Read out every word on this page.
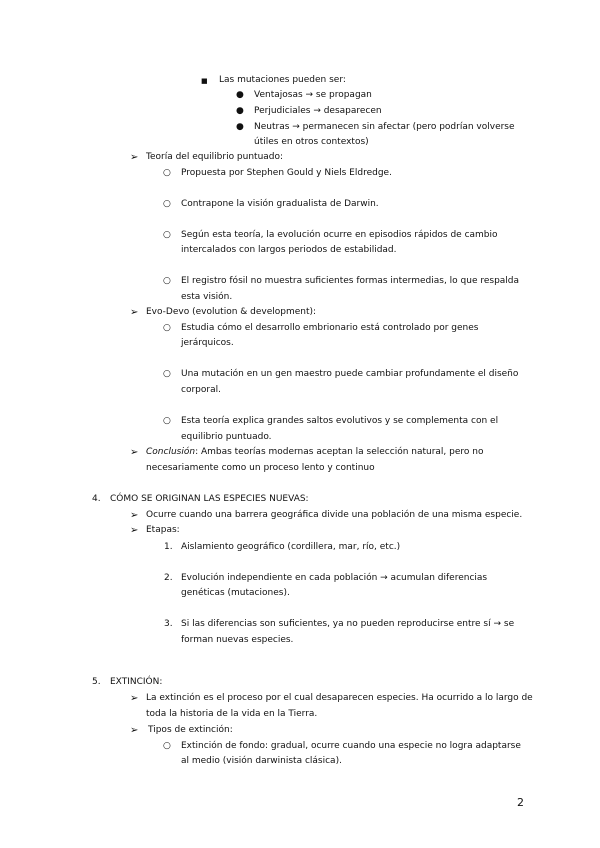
■ Las mutaciones pueden ser:
● Ventajosas → se propagan
● Perjudiciales → desaparecen
● Neutras → permanecen sin afectar (pero podrían volverse
útiles en otros contextos)
➢ Teoría del equilibrio puntuado:
○ Propuesta por Stephen Gould y Niels Eldredge.
○ Contrapone la visión gradualista de Darwin.
○ Según esta teoría, la evolución ocurre en episodios rápidos de cambio
intercalados con largos periodos de estabilidad.
○ El registro fósil no muestra suficientes formas intermedias, lo que respalda
esta visión.
➢ Evo-Devo (evolution & development):
○ Estudia cómo el desarrollo embrionario está controlado por genes
jerárquicos.
○ Una mutación en un gen maestro puede cambiar profundamente el diseño
corporal.
○ Esta teoría explica grandes saltos evolutivos y se complementa con el
equilibrio puntuado.
➢ Conclusión: Ambas teorías modernas aceptan la selección natural, pero no
necesariamente como un proceso lento y continuo
4. CÓMO SE ORIGINAN LAS ESPECIES NUEVAS:
➢ Ocurre cuando una barrera geográfica divide una población de una misma especie.
➢ Etapas:
1. Aislamiento geográfico (cordillera, mar, río, etc.)
2. Evolución independiente en cada población → acumulan diferencias
genéticas (mutaciones).
3. Si las diferencias son suficientes, ya no pueden reproducirse entre sí → se
forman nuevas especies.
5. EXTINCIÓN:
➢ La extinción es el proceso por el cual desaparecen especies. Ha ocurrido a lo largo de
toda la historia de la vida en la Tierra.
➢ Tipos de extinción:
○ Extinción de fondo: gradual, ocurre cuando una especie no logra adaptarse
al medio (visión darwinista clásica).
2
